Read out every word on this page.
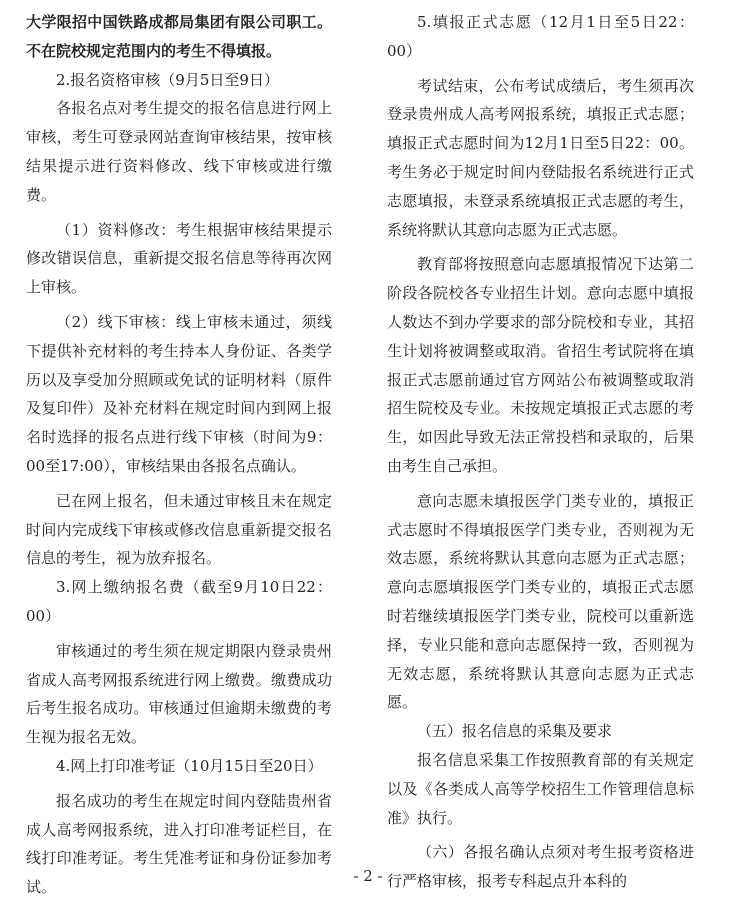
大学限招中国铁路成都局集团有限公司职工。不在院校规定范围内的考生不得填报。

2.报名资格审核（9月5日至9日）

各报名点对考生提交的报名信息进行网上审核，考生可登录网站查询审核结果，按审核结果提示进行资料修改、线下审核或进行缴费。

（1）资料修改：考生根据审核结果提示修改错误信息，重新提交报名信息等待再次网上审核。

（2）线下审核：线上审核未通过，须线下提供补充材料的考生持本人身份证、各类学历以及享受加分照顾或免试的证明材料（原件及复印件）及补充材料在规定时间内到网上报名时选择的报名点进行线下审核（时间为9：00至17:00），审核结果由各报名点确认。

已在网上报名，但未通过审核且未在规定时间内完成线下审核或修改信息重新提交报名信息的考生，视为放弃报名。

3.网上缴纳报名费（截至9月10日22：00）

审核通过的考生须在规定期限内登录贵州省成人高考网报系统进行网上缴费。缴费成功后考生报名成功。审核通过但逾期未缴费的考生视为报名无效。

4.网上打印准考证（10月15日至20日）

报名成功的考生在规定时间内登陆贵州省成人高考网报系统，进入打印准考证栏目，在线打印准考证。考生凭准考证和身份证参加考试。

5.填报正式志愿（12月1日至5日22：00）

考试结束，公布考试成绩后，考生须再次登录贵州成人高考网报系统，填报正式志愿；填报正式志愿时间为12月1日至5日22：00。考生务必于规定时间内登陆报名系统进行正式志愿填报，未登录系统填报正式志愿的考生，系统将默认其意向志愿为正式志愿。

教育部将按照意向志愿填报情况下达第二阶段各院校各专业招生计划。意向志愿中填报人数达不到办学要求的部分院校和专业，其招生计划将被调整或取消。省招生考试院将在填报正式志愿前通过官方网站公布被调整或取消招生院校及专业。未按规定填报正式志愿的考生，如因此导致无法正常投档和录取的，后果由考生自己承担。

意向志愿未填报医学门类专业的，填报正式志愿时不得填报医学门类专业，否则视为无效志愿，系统将默认其意向志愿为正式志愿；意向志愿填报医学门类专业的，填报正式志愿时若继续填报医学门类专业，院校可以重新选择，专业只能和意向志愿保持一致，否则视为无效志愿，系统将默认其意向志愿为正式志愿。

（五）报名信息的采集及要求

报名信息采集工作按照教育部的有关规定以及《各类成人高等学校招生工作管理信息标准》执行。

（六）各报名确认点须对考生报考资格进行严格审核，报考专科起点升本科的

- 2 -
